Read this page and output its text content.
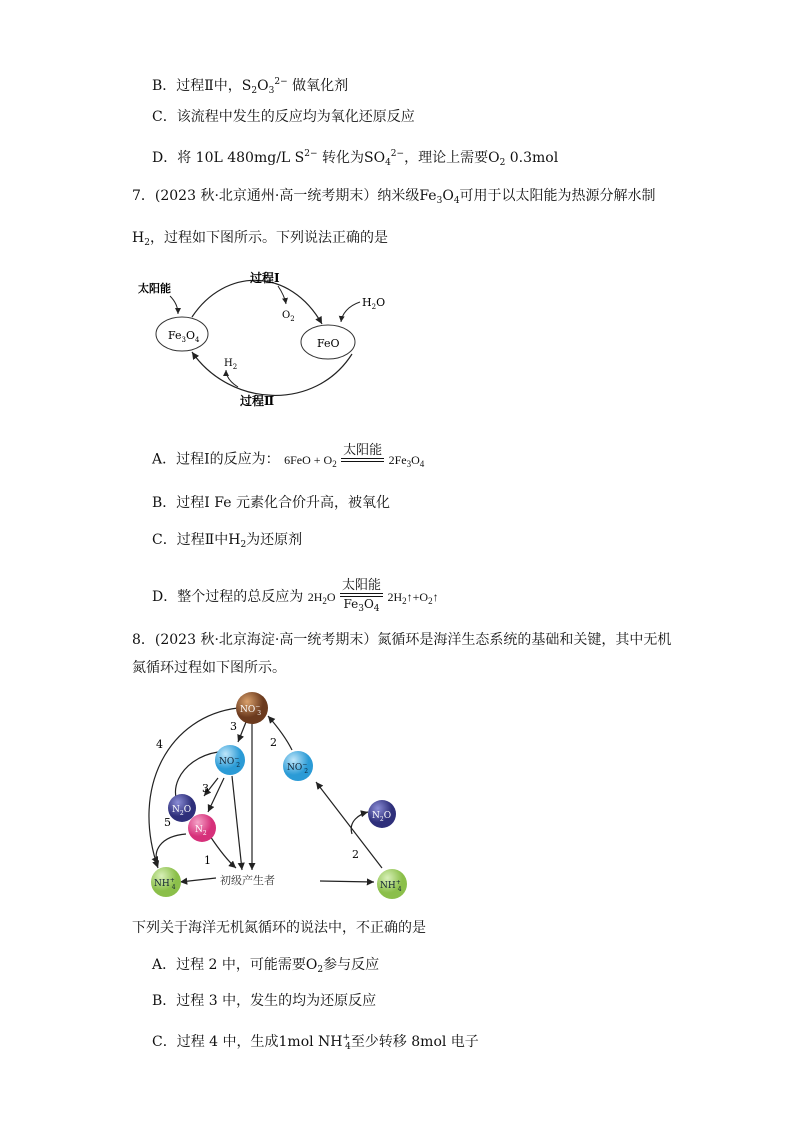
B．过程Ⅱ中，$S_2O_3^{2-}$ 做氧化剂
C．该流程中发生的反应均为氧化还原反应
D．将 10L 480mg/L $S^{2-}$ 转化为$SO_4^{2-}$，理论上需要$O_2$ 0.3mol
7．(2023 秋·北京通州·高一统考期末）纳米级$Fe_3O_4$可用于以太阳能为热源分解水制
$H_2$，过程如下图所示。下列说法正确的是
$Fe_3O_4$	FeO
过程Ⅰ
$O_2$
太阳能
$H_2O$
过程Ⅱ
$H_2$
A．过程Ⅰ的反应为： $6FeO + O_2$
太阳能
$2Fe_3O_4$
B．过程Ⅰ Fe 元素化合价升高，被氧化
C．过程Ⅱ中$H_2$为还原剂
D．整个过程的总反应为 $2H_2O \frac{\text{太阳能}}{Fe_3O_4}$ $2H_2↑+O_2↑$
8．(2023 秋·北京海淀·高一统考期末）氮循环是海洋生态系统的基础和关键，其中无机
氮循环过程如下图所示。
NO− 3
NO− 2	NO− 2
$N_2O$
$N_2$
$N_2O$
NH+ 4	NH+ 4
初级产生者
4
3
2
3
5
1	2
下列关于海洋无机氮循环的说法中，不正确的是
A．过程 2 中，可能需要$O_2$参与反应
B．过程 3 中，发生的均为还原反应
C．过程 4 中，生成1mol $NH^+_4$至少转移 8mol 电子
